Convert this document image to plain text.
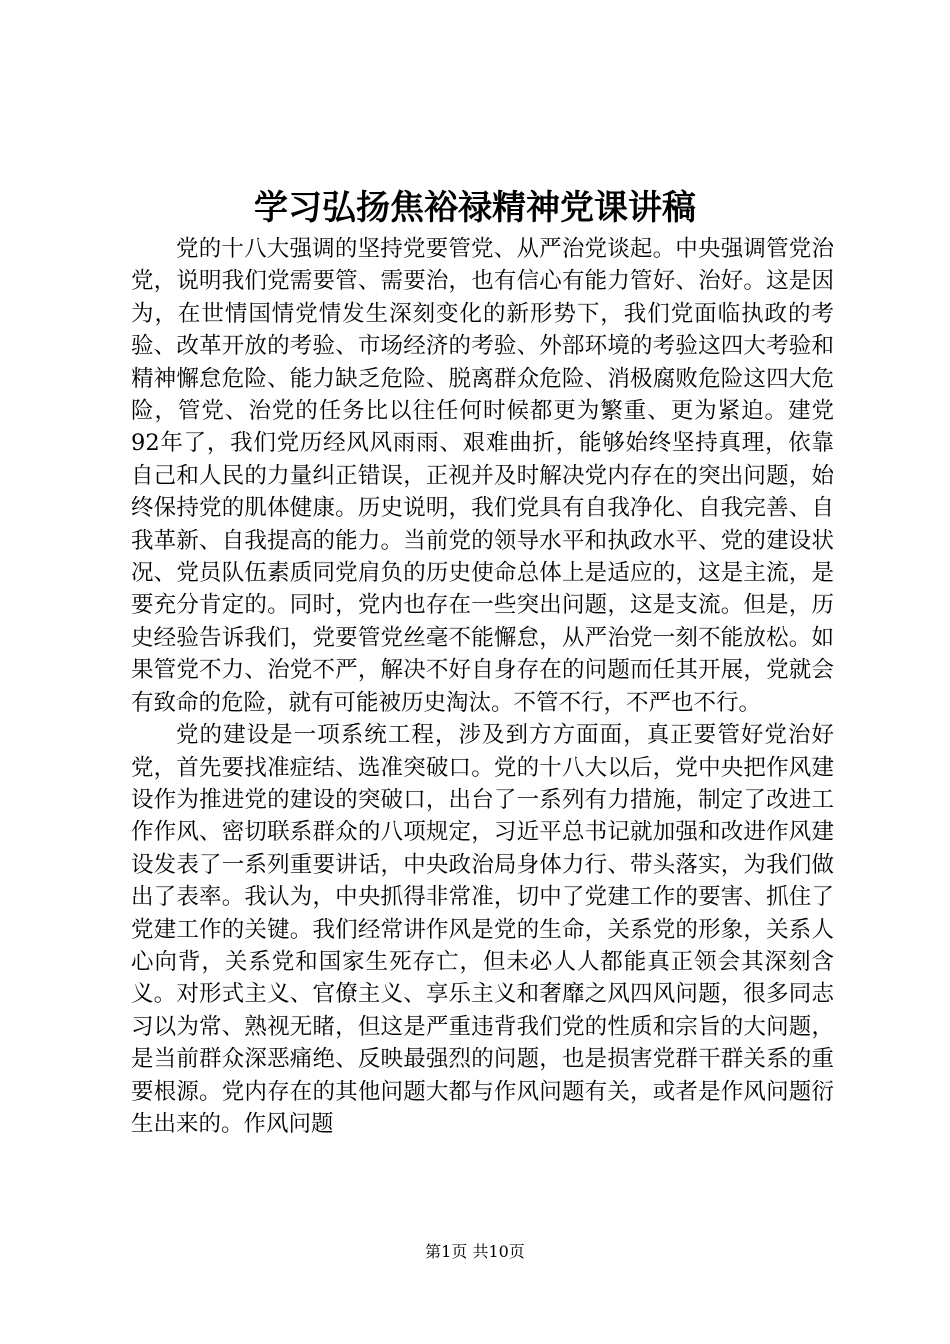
学习弘扬焦裕禄精神党课讲稿

党的十八大强调的坚持党要管党、从严治党谈起。中央强调管党治党，说明我们党需要管、需要治，也有信心有能力管好、治好。这是因为，在世情国情党情发生深刻变化的新形势下，我们党面临执政的考验、改革开放的考验、市场经济的考验、外部环境的考验这四大考验和精神懈怠危险、能力缺乏危险、脱离群众危险、消极腐败危险这四大危险，管党、治党的任务比以往任何时候都更为繁重、更为紧迫。建党92年了，我们党历经风风雨雨、艰难曲折，能够始终坚持真理，依靠自己和人民的力量纠正错误，正视并及时解决党内存在的突出问题，始终保持党的肌体健康。历史说明，我们党具有自我净化、自我完善、自我革新、自我提高的能力。当前党的领导水平和执政水平、党的建设状况、党员队伍素质同党肩负的历史使命总体上是适应的，这是主流，是要充分肯定的。同时，党内也存在一些突出问题，这是支流。但是，历史经验告诉我们，党要管党丝毫不能懈怠，从严治党一刻不能放松。如果管党不力、治党不严，解决不好自身存在的问题而任其开展，党就会有致命的危险，就有可能被历史淘汰。不管不行，不严也不行。

党的建设是一项系统工程，涉及到方方面面，真正要管好党治好党，首先要找准症结、选准突破口。党的十八大以后，党中央把作风建设作为推进党的建设的突破口，出台了一系列有力措施，制定了改进工作作风、密切联系群众的八项规定，习近平总书记就加强和改进作风建设发表了一系列重要讲话，中央政治局身体力行、带头落实，为我们做出了表率。我认为，中央抓得非常准，切中了党建工作的要害、抓住了党建工作的关键。我们经常讲作风是党的生命，关系党的形象，关系人心向背，关系党和国家生死存亡，但未必人人都能真正领会其深刻含义。对形式主义、官僚主义、享乐主义和奢靡之风四风问题，很多同志习以为常、熟视无睹，但这是严重违背我们党的性质和宗旨的大问题，是当前群众深恶痛绝、反映最强烈的问题，也是损害党群干群关系的重要根源。党内存在的其他问题大都与作风问题有关，或者是作风问题衍生出来的。作风问题

第1页 共10页
